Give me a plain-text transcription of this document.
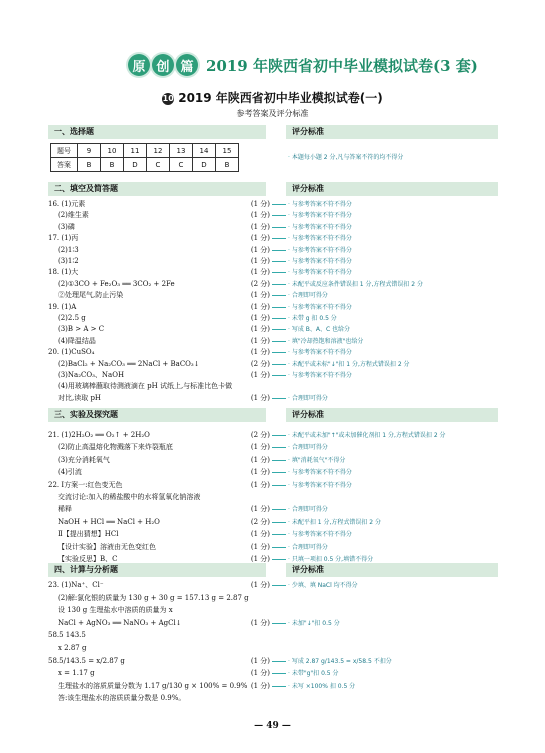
原 创 篇 2019 年陕西省初中毕业模拟试卷(3 套)
10 2019 年陕西省初中毕业模拟试卷(一)
参考答案及评分标准
一、选择题	评分标准
题号	9	10	11	12	13	14	15
答案	B	B	D	C	C	D	B
· 本题每小题 2 分,凡与答案不符的均不得分
二、填空及简答题	评分标准
16. (1)元素	(1 分)	· 与参考答案不符不得分
(2)维生素	(1 分)	· 与参考答案不符不得分
(3)磷	(1 分)	· 与参考答案不符不得分
17. (1)丙	(1 分)	· 与参考答案不符不得分
(2)1∶3	(1 分)	· 与参考答案不符不得分
(3)1∶2	(1 分)	· 与参考答案不符不得分
18. (1)大	(1 分)	· 与参考答案不符不得分
(2)①3CO + Fe₂O₃ ══ 3CO₂ + 2Fe	(2 分)	· 未配平或反应条件错误扣 1 分,方程式错误扣 2 分
②处理尾气,防止污染	(1 分)	· 合理即可得分
19. (1)A	(1 分)	· 与参考答案不符不得分
(2)2.5 g	(1 分)	· 未带 g 扣 0.5 分
(3)B > A > C	(1 分)	· 写成 B、A、C 也给分
(4)降温结晶	(1 分)	· 填"冷却热饱和溶液"也给分
20. (1)CuSO₄	(1 分)	· 与参考答案不符不得分
(2)BaCl₂ + Na₂CO₃ ══ 2NaCl + BaCO₃↓	(2 分)	· 未配平或未标"↓"扣 1 分,方程式错误扣 2 分
(3)Na₂CO₃、NaOH	(1 分)	· 与参考答案不符不得分
(4)用玻璃棒蘸取待测液滴在 pH 试纸上,与标准比色卡做
对比,读取 pH	(1 分)	· 合理即可得分
三、实验及探究题	评分标准
21. (1)2H₂O₂ ══ O₂↑ + 2H₂O	(2 分)	· 未配平或未加"↑"或未加催化剂扣 1 分,方程式错误扣 2 分
(2)防止高温熔化物溅落下来炸裂瓶底	(1 分)	· 合理即可得分
(3)充分消耗氧气	(1 分)	· 填"消耗氧气"不得分
(4)引流	(1 分)	· 与参考答案不符不得分
22. Ⅰ方案一:红色变无色	(1 分)	· 与参考答案不符不得分
交流讨论:加入的稀盐酸中的水将氢氧化钠溶液
稀释	(1 分)	· 合理即可得分
NaOH + HCl ══ NaCl + H₂O	(2 分)	· 未配平扣 1 分,方程式错误扣 2 分
Ⅱ【提出猜想】HCl	(1 分)	· 与参考答案不符不得分
【设计实验】溶液由无色变红色	(1 分)	· 合理即可得分
【实验反思】B、C	(1 分)	· 只填一项扣 0.5 分,填错不得分
四、计算与分析题	评分标准
23. (1)Na⁺、Cl⁻	(1 分)	· 少填、填 NaCl 均不得分
(2)解:氯化银的质量为 130 g + 30 g = 157.13 g = 2.87 g
设 130 g 生理盐水中溶质的质量为 x
NaCl + AgNO₃ ══ NaNO₃ + AgCl↓	(1 分)	· 未加"↓"扣 0.5 分
58.5 143.5
x 2.87 g
58.5/143.5 = x/2.87 g	(1 分)	· 写成 2.87 g/143.5 = x/58.5 不扣分
x = 1.17 g	(1 分)	· 未带"g"扣 0.5 分
生理盐水的溶质质量分数为 1.17 g/130 g × 100% = 0.9% (1 分)	· 未写 ×100% 扣 0.5 分
答:该生理盐水的溶质质量分数是 0.9%。
— 49 —
